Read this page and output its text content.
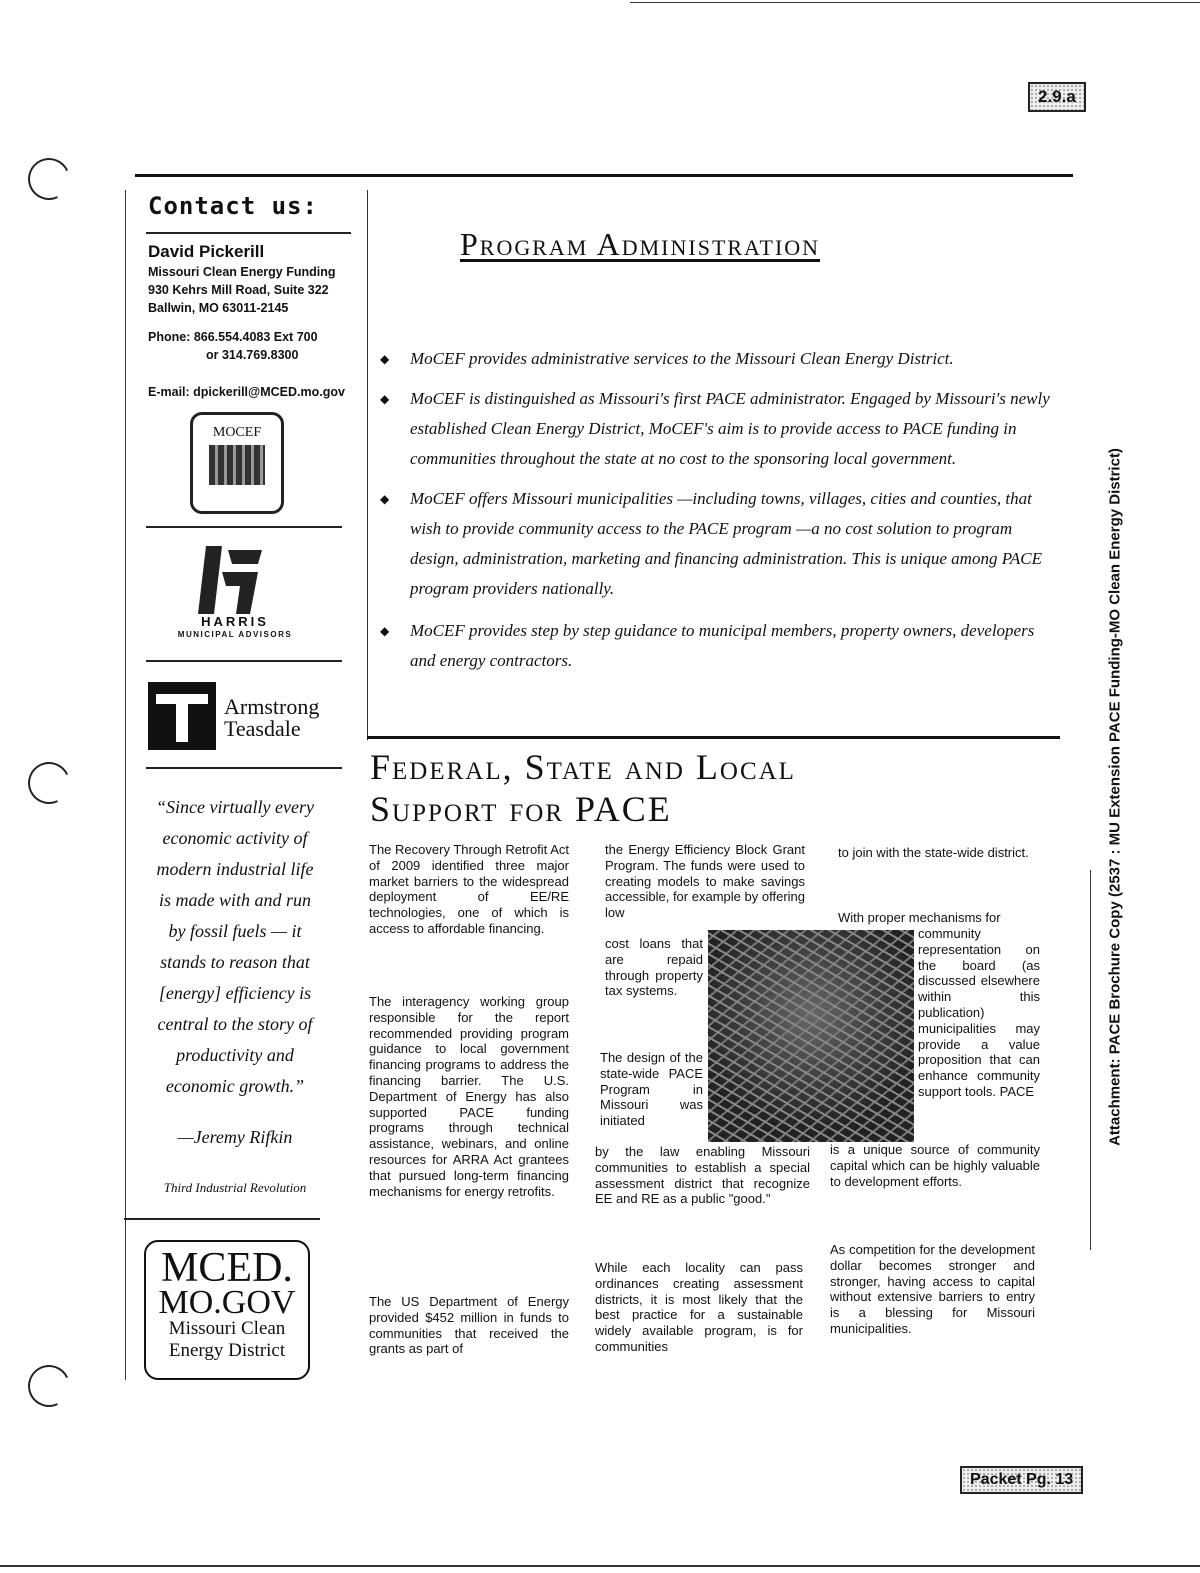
2.9.a
Contact us:
David Pickerill
Missouri Clean Energy Funding
930 Kehrs Mill Road, Suite 322
Ballwin, MO 63011-2145
Phone: 866.554.4083 Ext 700
or 314.769.8300
E-mail: dpickerill@MCED.mo.gov
MOCEF
HARRIS
MUNICIPAL ADVISORS
Armstrong
Teasdale
“Since virtually every
economic activity of
modern industrial life
is made with and run
by fossil fuels — it
stands to reason that
[energy] efficiency is
central to the story of
productivity and
economic growth.”
—Jeremy Rifkin
Third Industrial Revolution
MCED.
MO.GOV
Missouri Clean
Energy District
Program Administration
◆	MoCEF provides administrative services to the Missouri Clean Energy District.
◆	MoCEF is distinguished as Missouri's first PACE administrator. Engaged by Missouri's newly established Clean Energy District, MoCEF's aim is to provide access to PACE funding in communities throughout the state at no cost to the sponsoring local government.
◆	MoCEF offers Missouri municipalities —including towns, villages, cities and counties, that wish to provide community access to the PACE program —a no cost solution to program design, administration, marketing and financing administration. This is unique among PACE program providers nationally.
◆	MoCEF provides step by step guidance to municipal members, property owners, developers and energy contractors.
Federal, State and Local
Support for PACE
The Recovery Through Retrofit Act of 2009 identified three major market barriers to the widespread deployment of EE/RE technologies, one of which is access to affordable financing.
The interagency working group responsible for the report recommended providing program guidance to local government financing programs to address the financing barrier. The U.S. Department of Energy has also supported PACE funding programs through technical assistance, webinars, and online resources for ARRA Act grantees that pursued long-term financing mechanisms for energy retrofits.
The US Department of Energy provided $452 million in funds to communities that received the grants as part of
the Energy Efficiency Block Grant Program. The funds were used to creating models to make savings accessible, for example by offering low
cost loans that are repaid through property tax systems.
The design of the state-wide PACE Program in Missouri was initiated
by the law enabling Missouri communities to establish a special assessment district that recognize EE and RE as a public "good."
While each locality can pass ordinances creating assessment districts, it is most likely that the best practice for a sustainable widely available program, is for communities
to join with the state-wide district.
With proper mechanisms for
community representation on the board (as discussed elsewhere within this publication) municipalities may provide a value proposition that can enhance community support tools. PACE
is a unique source of community capital which can be highly valuable to development efforts.
As competition for the development dollar becomes stronger and stronger, having access to capital without extensive barriers to entry is a blessing for Missouri municipalities.
Attachment: PACE Brochure Copy (2537 : MU Extension PACE Funding-MO Clean Energy District)
Packet Pg. 13
